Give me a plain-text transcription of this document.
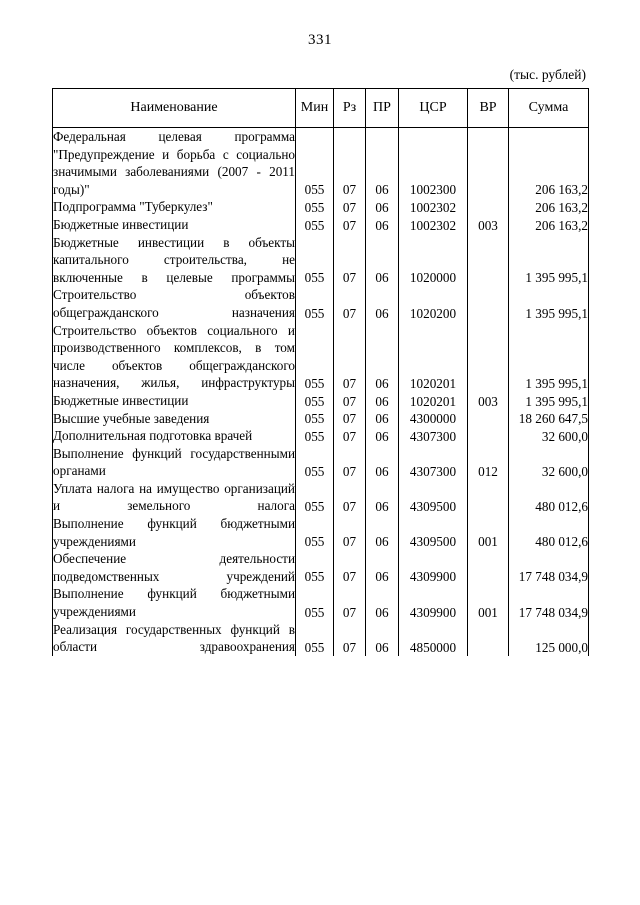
331
(тыс. рублей)
Наименование	Мин	Рз	ПР	ЦСР	ВР	Сумма
Федеральная целевая программа "Предупреждение и борьба с социально значимыми заболеваниями (2007 - 2011 годы)"	055	07	06	1002300		206 163,2
Подпрограмма "Туберкулез"	055	07	06	1002302		206 163,2
Бюджетные инвестиции	055	07	06	1002302	003	206 163,2
Бюджетные инвестиции в объекты капитального строительства, не включенные в целевые программы	055	07	06	1020000		1 395 995,1
Строительство объектов общегражданского назначения	055	07	06	1020200		1 395 995,1
Строительство объектов социального и производственного комплексов, в том числе объектов общегражданского назначения, жилья, инфраструктуры	055	07	06	1020201		1 395 995,1
Бюджетные инвестиции	055	07	06	1020201	003	1 395 995,1
Высшие учебные заведения	055	07	06	4300000		18 260 647,5
Дополнительная подготовка врачей	055	07	06	4307300		32 600,0
Выполнение функций государственными органами	055	07	06	4307300	012	32 600,0
Уплата налога на имущество организаций и земельного налога	055	07	06	4309500		480 012,6
Выполнение функций бюджетными учреждениями	055	07	06	4309500	001	480 012,6
Обеспечение деятельности подведомственных учреждений	055	07	06	4309900		17 748 034,9
Выполнение функций бюджетными учреждениями	055	07	06	4309900	001	17 748 034,9
Реализация государственных функций в области здравоохранения	055	07	06	4850000		125 000,0
